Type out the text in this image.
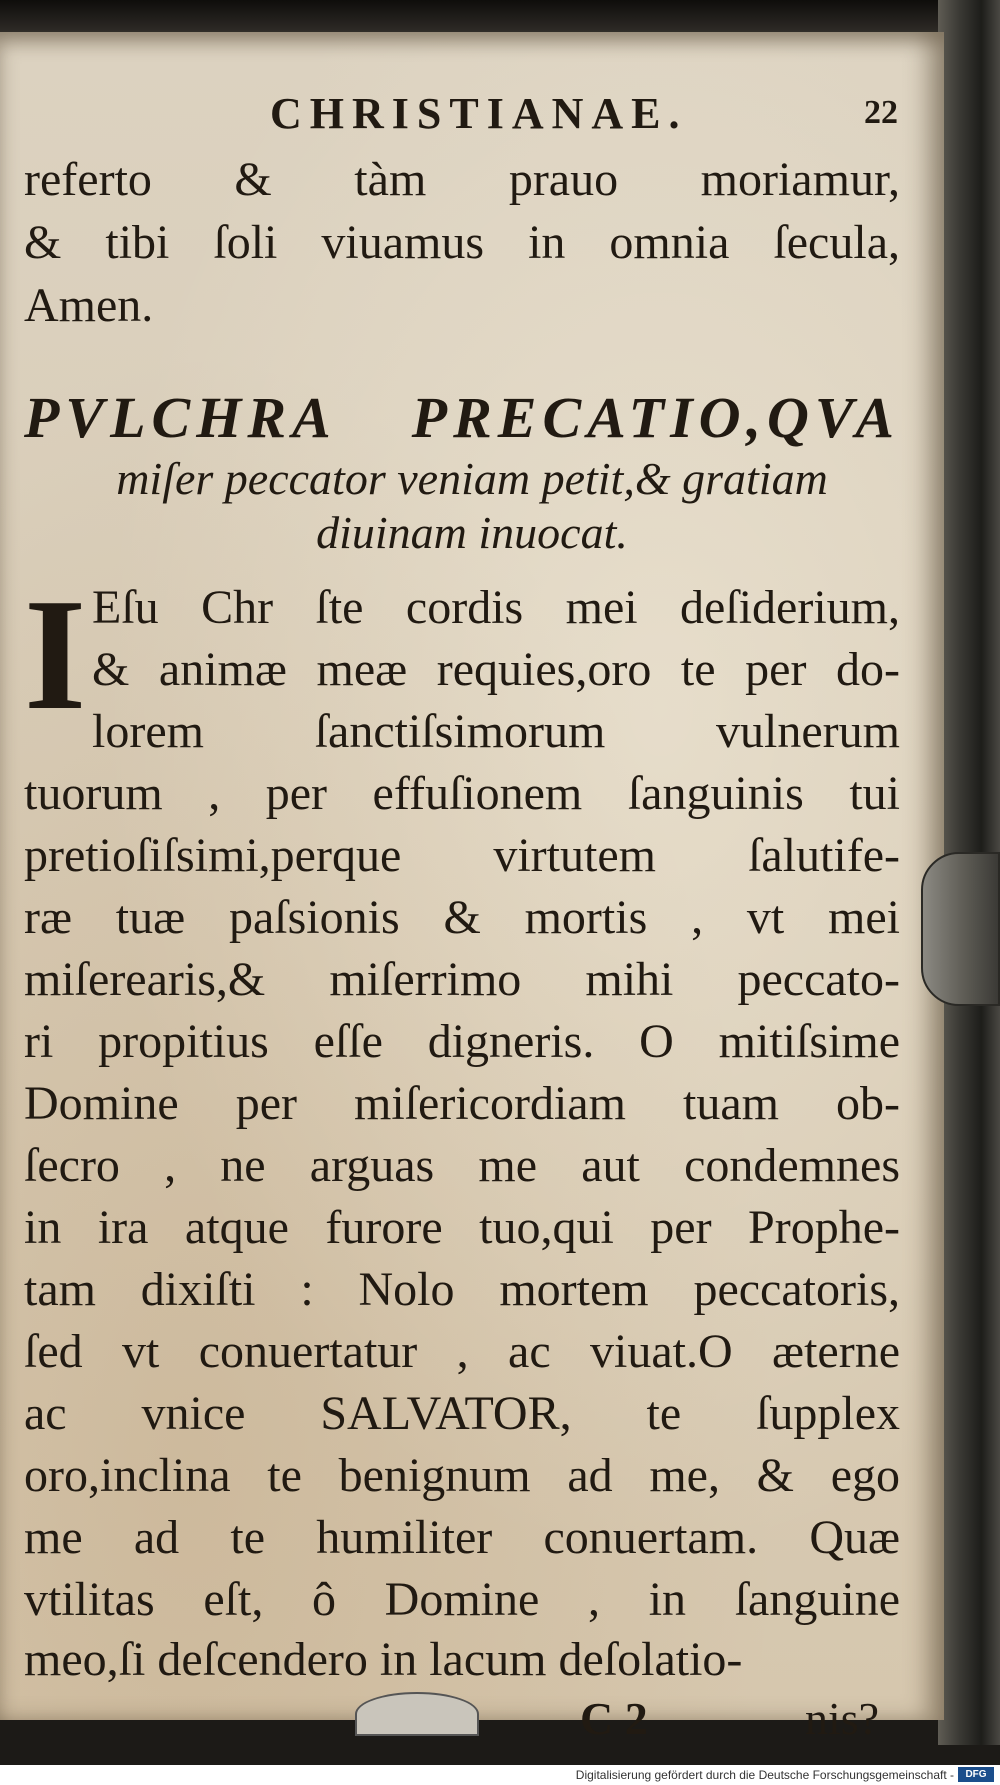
CHRISTIANAE.	22
referto & tàm prauo moriamur,
& tibi ſoli viuamus in omnia ſecula,
Amen.
PVLCHRA PRECATIO,QVA
miſer peccator veniam petit,& gratiam
diuinam inuocat.
I Eſu Chr ſte cordis mei deſiderium,
& animæ meæ requies,oro te per do-
lorem ſanctiſsimorum vulnerum
tuorum , per effuſionem ſanguinis tui
pretioſiſsimi,perque virtutem ſalutife-
ræ tuæ paſsionis & mortis , vt mei
miſerearis,& miſerrimo mihi peccato-
ri propitius eſſe digneris. O mitiſsime
Domine per miſericordiam tuam ob-
ſecro , ne arguas me aut condemnes
in ira atque furore tuo,qui per Prophe-
tam dixiſti : Nolo mortem peccatoris,
ſed vt conuertatur , ac viuat.O æterne
ac vnice SALVATOR, te ſupplex
oro,inclina te benignum ad me, & ego
me ad te humiliter conuertam. Quæ
vtilitas eſt, ô Domine , in ſanguine
meo,ſi deſcendero in lacum deſolatio-
C 2	nis?
Digitalisierung gefördert durch die Deutsche Forschungsgemeinschaft -	DFG
